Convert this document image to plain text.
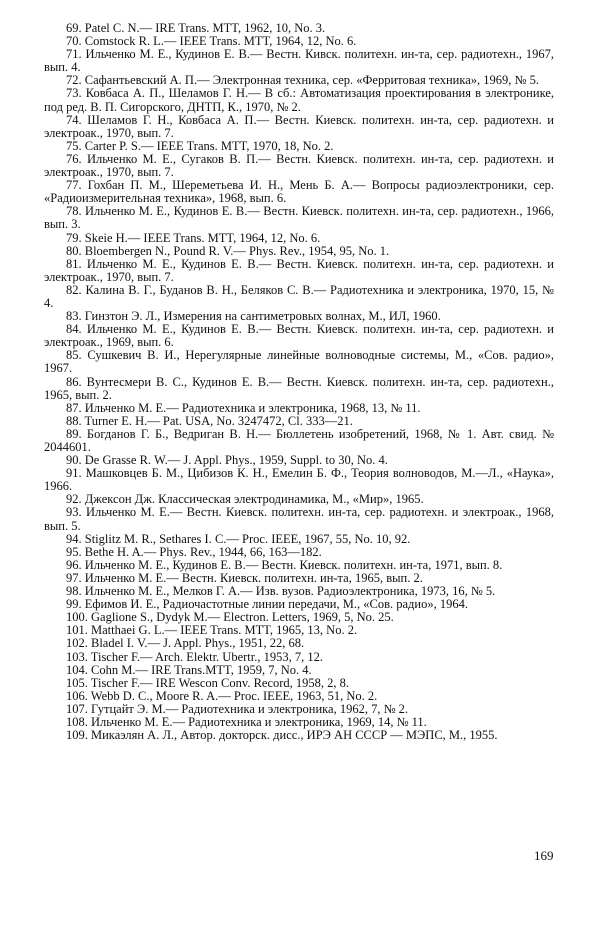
69. Patel C. N.— IRE Trans. MTT, 1962, 10, No. 3.

70. Comstock R. L.— IEEE Trans. MTT, 1964, 12, No. 6.

71. Ильченко М. Е., Кудинов Е. В.— Вестн. Кивск. политехн. ин-та, сер. радиотехн., 1967, вып. 4.

72. Сафантьевский А. П.— Электронная техника, сер. «Ферритовая техника», 1969, № 5.

73. Ковбаса А. П., Шеламов Г. Н.— В сб.: Автоматизация проектирования в электронике, под ред. В. П. Сигорского, ДНТП, К., 1970, № 2.

74. Шеламов Г. Н., Ковбаса А. П.— Вестн. Киевск. политехн. ин-та, сер. радиотехн. и электроак., 1970, вып. 7.

75. Carter P. S.— IEEE Trans. MTT, 1970, 18, No. 2.

76. Ильченко М. Е., Сугаков В. П.— Вестн. Киевск. политехн. ин-та, сер. радиотехн. и электроак., 1970, вып. 7.

77. Гохбан П. М., Шереметьева И. Н., Мень Б. А.— Вопросы радиоэлектроники, сер. «Радиоизмерительная техника», 1968, вып. 6.

78. Ильченко М. Е., Кудинов Е. В.— Вестн. Киевск. политехн. ин-та, сер. радиотехн., 1966, вып. 3.

79. Skeie H.— IEEE Trans. MTT, 1964, 12, No. 6.

80. Bloembergen N., Pound R. V.— Phys. Rev., 1954, 95, No. 1.

81. Ильченко М. Е., Кудинов Е. В.— Вестн. Киевск. политехн. ин-та, сер. радиотехн. и электроак., 1970, вып. 7.

82. Калина В. Г., Буданов В. Н., Беляков С. В.— Радиотехника и электроника, 1970, 15, № 4.

83. Гинзтон Э. Л., Измерения на сантиметровых волнах, М., ИЛ, 1960.

84. Ильченко М. Е., Кудинов Е. В.— Вестн. Киевск. политехн. ин-та, сер. радиотехн. и электроак., 1969, вып. 6.

85. Сушкевич В. И., Нерегулярные линейные волноводные системы, М., «Сов. радио», 1967.

86. Вунтесмери В. С., Кудинов Е. В.— Вестн. Киевск. политехн. ин-та, сер. радиотехн., 1965, вып. 2.

87. Ильченко М. Е.— Радиотехника и электроника, 1968, 13, № 11.

88. Turner E. H.— Pat. USA, No. 3247472, Cl. 333—21.

89. Богданов Г. Б., Ведриган В. Н.— Бюллетень изобретений, 1968, № 1. Авт. свид. № 2044601.

90. De Grasse R. W.— J. Appl. Phys., 1959, Suppl. to 30, No. 4.

91. Машковцев Б. М., Цибизов К. Н., Емелин Б. Ф., Теория волноводов, М.—Л., «Наука», 1966.

92. Джексон Дж. Классическая электродинамика, М., «Мир», 1965.

93. Ильченко М. Е.— Вестн. Киевск. политехн. ин-та, сер. радиотехн. и электроак., 1968, вып. 5.

94. Stiglitz M. R., Sethares I. C.— Proc. IEEE, 1967, 55, No. 10, 92.

95. Bethe H. A.— Phys. Rev., 1944, 66, 163—182.

96. Ильченко М. Е., Кудинов Е. В.— Вестн. Киевск. политехн. ин-та, 1971, вып. 8.

97. Ильченко М. Е.— Вестн. Киевск. политехн. ин-та, 1965, вып. 2.

98. Ильченко М. Е., Мелков Г. А.— Изв. вузов. Радиоэлектроника, 1973, 16, № 5.

99. Ефимов И. Е., Радиочастотные линии передачи, М., «Сов. радио», 1964.

100. Gaglione S., Dydyk M.— Electron. Letters, 1969, 5, No. 25.

101. Matthaei G. L.— IEEE Trans. MTT, 1965, 13, No. 2.

102. Bladel I. V.— J. Appl. Phys., 1951, 22, 68.

103. Tischer F.— Arch. Elektr. Ubertr., 1953, 7, 12.

104. Cohn M.— IRE Trans.MTT, 1959, 7, No. 4.

105. Tischer F.— IRE Wescon Conv. Record, 1958, 2, 8.

106. Webb D. C., Moore R. A.— Proc. IEEE, 1963, 51, No. 2.

107. Гутцайт Э. М.— Радиотехника и электроника, 1962, 7, № 2.

108. Ильченко М. Е.— Радиотехника и электроника, 1969, 14, № 11.

109. Микаэлян А. Л., Автор. докторск. дисс., ИРЭ АН СССР — МЭПС, М., 1955.

169
